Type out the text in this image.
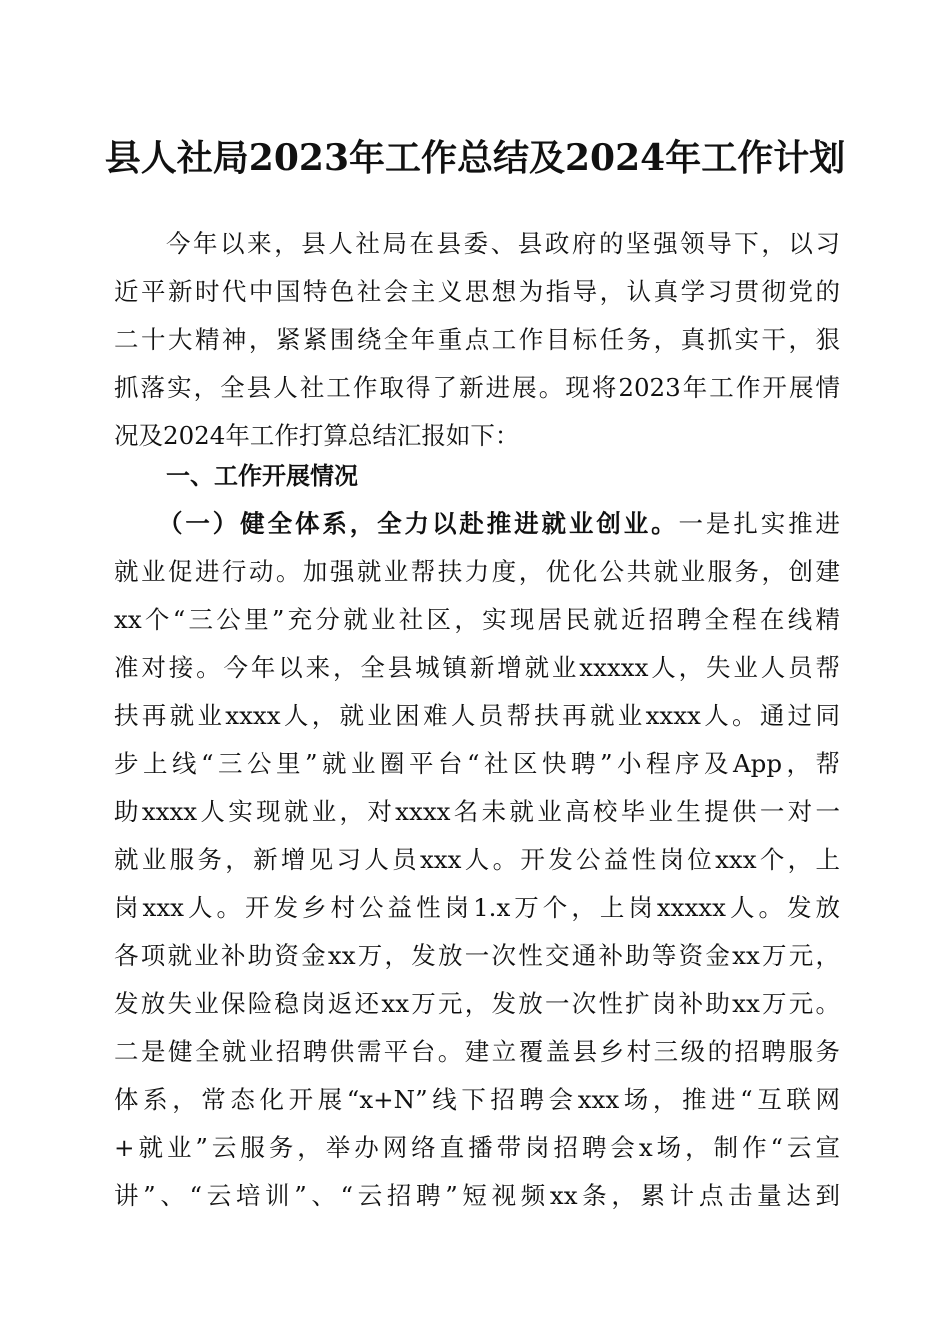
县人社局2023年工作总结及2024年工作计划
今年以来，县人社局在县委、县政府的坚强领导下，以习
近平新时代中国特色社会主义思想为指导，认真学习贯彻党的
二十大精神，紧紧围绕全年重点工作目标任务，真抓实干，狠
抓落实，全县人社工作取得了新进展。现将2023年工作开展情
况及2024年工作打算总结汇报如下：
一、工作开展情况
（一）健全体系，全力以赴推进就业创业。一是扎实推进
就业促进行动。加强就业帮扶力度，优化公共就业服务，创建
xx个“三公里”充分就业社区，实现居民就近招聘全程在线精
准对接。今年以来，全县城镇新增就业xxxxx人，失业人员帮
扶再就业xxxx人，就业困难人员帮扶再就业xxxx人。通过同
步上线“三公里”就业圈平台“社区快聘”小程序及App，帮
助xxxx人实现就业，对xxxx名未就业高校毕业生提供一对一
就业服务，新增见习人员xxx人。开发公益性岗位xxx个，上
岗xxx人。开发乡村公益性岗1.x万个，上岗xxxxx人。发放
各项就业补助资金xx万，发放一次性交通补助等资金xx万元，
发放失业保险稳岗返还xx万元，发放一次性扩岗补助xx万元。
二是健全就业招聘供需平台。建立覆盖县乡村三级的招聘服务
体系，常态化开展“x+N”线下招聘会xxx场，推进“互联网
+就业”云服务，举办网络直播带岗招聘会x场，制作“云宣
讲”、“云培训”、“云招聘”短视频xx条，累计点击量达到
